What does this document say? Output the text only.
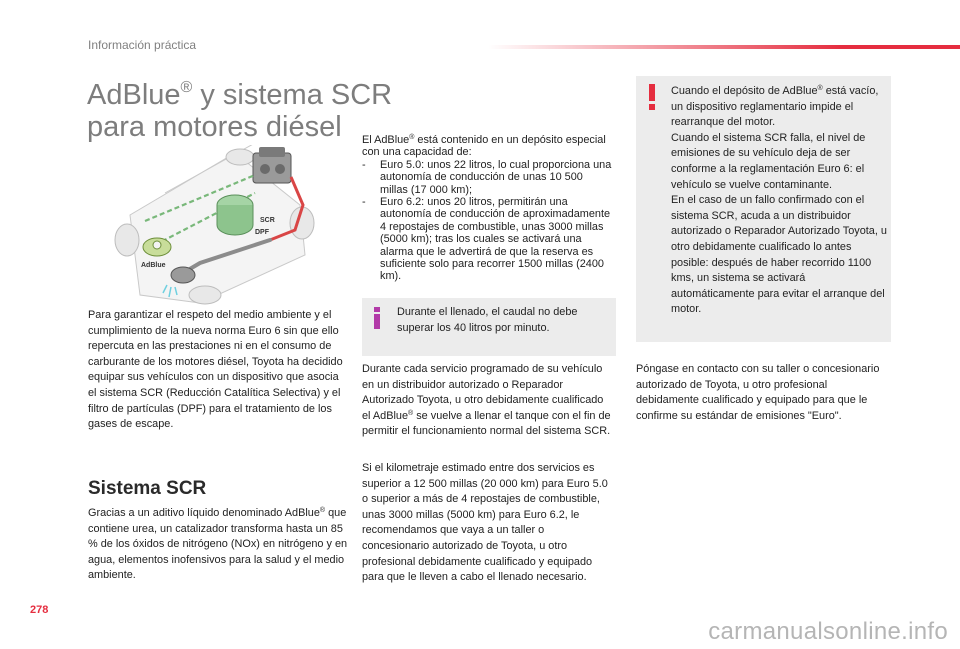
Información práctica
AdBlue® y sistema SCR
para motores diésel
SCR
DPF
AdBlue
Para garantizar el respeto del medio ambiente y el cumplimiento de la nueva norma Euro 6 sin que ello repercuta en las prestaciones ni en el consumo de carburante de los motores diésel, Toyota ha decidido equipar sus vehículos con un dispositivo que asocia el sistema SCR (Reducción Catalítica Selectiva) y el filtro de partículas (DPF) para el tratamiento de los gases de escape.
Sistema SCR
Gracias a un aditivo líquido denominado AdBlue® que contiene urea, un catalizador transforma hasta un 85 % de los óxidos de nitrógeno (NOx) en nitrógeno y en agua, elementos inofensivos para la salud y el medio ambiente.
El AdBlue® está contenido en un depósito especial con una capacidad de:
- Euro 5.0: unos 22 litros, lo cual proporciona una autonomía de conducción de unas 10 500 millas (17 000 km);
- Euro 6.2: unos 20 litros, permitirán una autonomía de conducción de aproximadamente 4 repostajes de combustible, unas 3000 millas (5000 km); tras los cuales se activará una alarma que le advertirá de que la reserva es suficiente solo para recorrer 1500 millas (2400 km).
Durante el llenado, el caudal no debe superar los 40 litros por minuto.
Durante cada servicio programado de su vehículo en un distribuidor autorizado o Reparador Autorizado Toyota, u otro debidamente cualificado el AdBlue® se vuelve a llenar el tanque con el fin de permitir el funcionamiento normal del sistema SCR.
Si el kilometraje estimado entre dos servicios es superior a 12 500 millas (20 000 km) para Euro 5.0 o superior a más de 4 repostajes de combustible, unas 3000 millas (5000 km) para Euro 6.2, le recomendamos que vaya a un taller o concesionario autorizado de Toyota, u otro profesional debidamente cualificado y equipado para que le lleven a cabo el llenado necesario.
Cuando el depósito de AdBlue® está vacío, un dispositivo reglamentario impide el rearranque del motor.
Cuando el sistema SCR falla, el nivel de emisiones de su vehículo deja de ser conforme a la reglamentación Euro 6: el vehículo se vuelve contaminante.
En el caso de un fallo confirmado con el sistema SCR, acuda a un distribuidor autorizado o Reparador Autorizado Toyota, u otro debidamente cualificado lo antes posible: después de haber recorrido 1100 kms, un sistema se activará automáticamente para evitar el arranque del motor.
Póngase en contacto con su taller o concesionario autorizado de Toyota, u otro profesional debidamente cualificado y equipado para que le confirme su estándar de emisiones "Euro".
278
carmanualsonline.info
